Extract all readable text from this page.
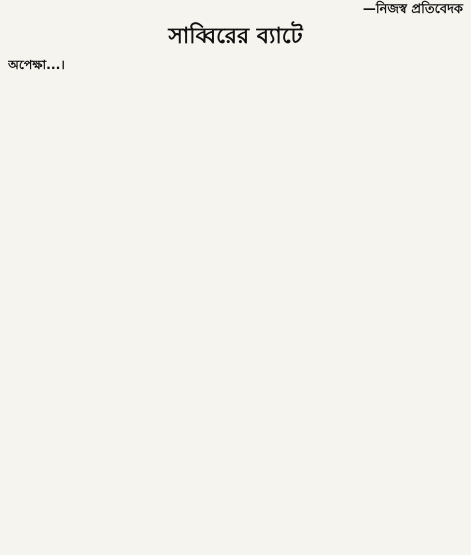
—নিজস্ব প্রতিবেদক
সাব্বিরের ব্যাটে
অপেক্ষা...।
